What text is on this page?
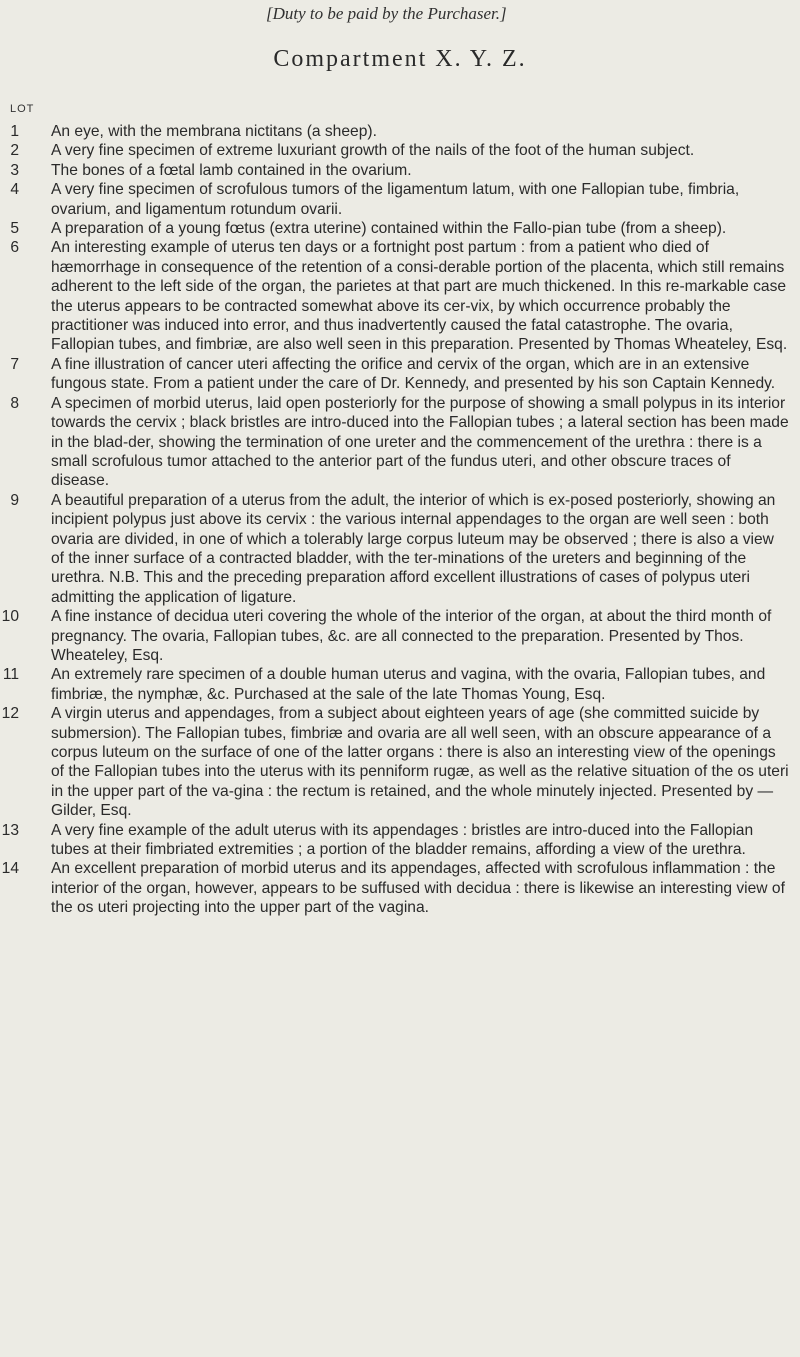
[Duty to be paid by the Purchaser.]
Compartment X. Y. Z.
LOT
1 An eye, with the membrana nictitans (a sheep).
2 A very fine specimen of extreme luxuriant growth of the nails of the foot of the human subject.
3 The bones of a fœtal lamb contained in the ovarium.
4 A very fine specimen of scrofulous tumors of the ligamentum latum, with one Fallopian tube, fimbria, ovarium, and ligamentum rotundum ovarii.
5 A preparation of a young fœtus (extra uterine) contained within the Fallo-pian tube (from a sheep).
6 An interesting example of uterus ten days or a fortnight post partum : from a patient who died of hæmorrhage in consequence of the retention of a consi-derable portion of the placenta, which still remains adherent to the left side of the organ, the parietes at that part are much thickened. In this re-markable case the uterus appears to be contracted somewhat above its cer-vix, by which occurrence probably the practitioner was induced into error, and thus inadvertently caused the fatal catastrophe. The ovaria, Fallopian tubes, and fimbriæ, are also well seen in this preparation. Presented by Thomas Wheateley, Esq.
7 A fine illustration of cancer uteri affecting the orifice and cervix of the organ, which are in an extensive fungous state. From a patient under the care of Dr. Kennedy, and presented by his son Captain Kennedy.
8 A specimen of morbid uterus, laid open posteriorly for the purpose of showing a small polypus in its interior towards the cervix ; black bristles are intro-duced into the Fallopian tubes ; a lateral section has been made in the blad-der, showing the termination of one ureter and the commencement of the urethra : there is a small scrofulous tumor attached to the anterior part of the fundus uteri, and other obscure traces of disease.
9 A beautiful preparation of a uterus from the adult, the interior of which is ex-posed posteriorly, showing an incipient polypus just above its cervix : the various internal appendages to the organ are well seen : both ovaria are divided, in one of which a tolerably large corpus luteum may be observed ; there is also a view of the inner surface of a contracted bladder, with the ter-minations of the ureters and beginning of the urethra. N.B. This and the preceding preparation afford excellent illustrations of cases of polypus uteri admitting the application of ligature.
10 A fine instance of decidua uteri covering the whole of the interior of the organ, at about the third month of pregnancy. The ovaria, Fallopian tubes, &c. are all connected to the preparation. Presented by Thos. Wheateley, Esq.
11 An extremely rare specimen of a double human uterus and vagina, with the ovaria, Fallopian tubes, and fimbriæ, the nymphæ, &c. Purchased at the sale of the late Thomas Young, Esq.
12 A virgin uterus and appendages, from a subject about eighteen years of age (she committed suicide by submersion). The Fallopian tubes, fimbriæ and ovaria are all well seen, with an obscure appearance of a corpus luteum on the surface of one of the latter organs : there is also an interesting view of the openings of the Fallopian tubes into the uterus with its penniform rugæ, as well as the relative situation of the os uteri in the upper part of the va-gina : the rectum is retained, and the whole minutely injected. Presented by — Gilder, Esq.
13 A very fine example of the adult uterus with its appendages : bristles are intro-duced into the Fallopian tubes at their fimbriated extremities ; a portion of the bladder remains, affording a view of the urethra.
14 An excellent preparation of morbid uterus and its appendages, affected with scrofulous inflammation : the interior of the organ, however, appears to be suffused with decidua : there is likewise an interesting view of the os uteri projecting into the upper part of the vagina.
